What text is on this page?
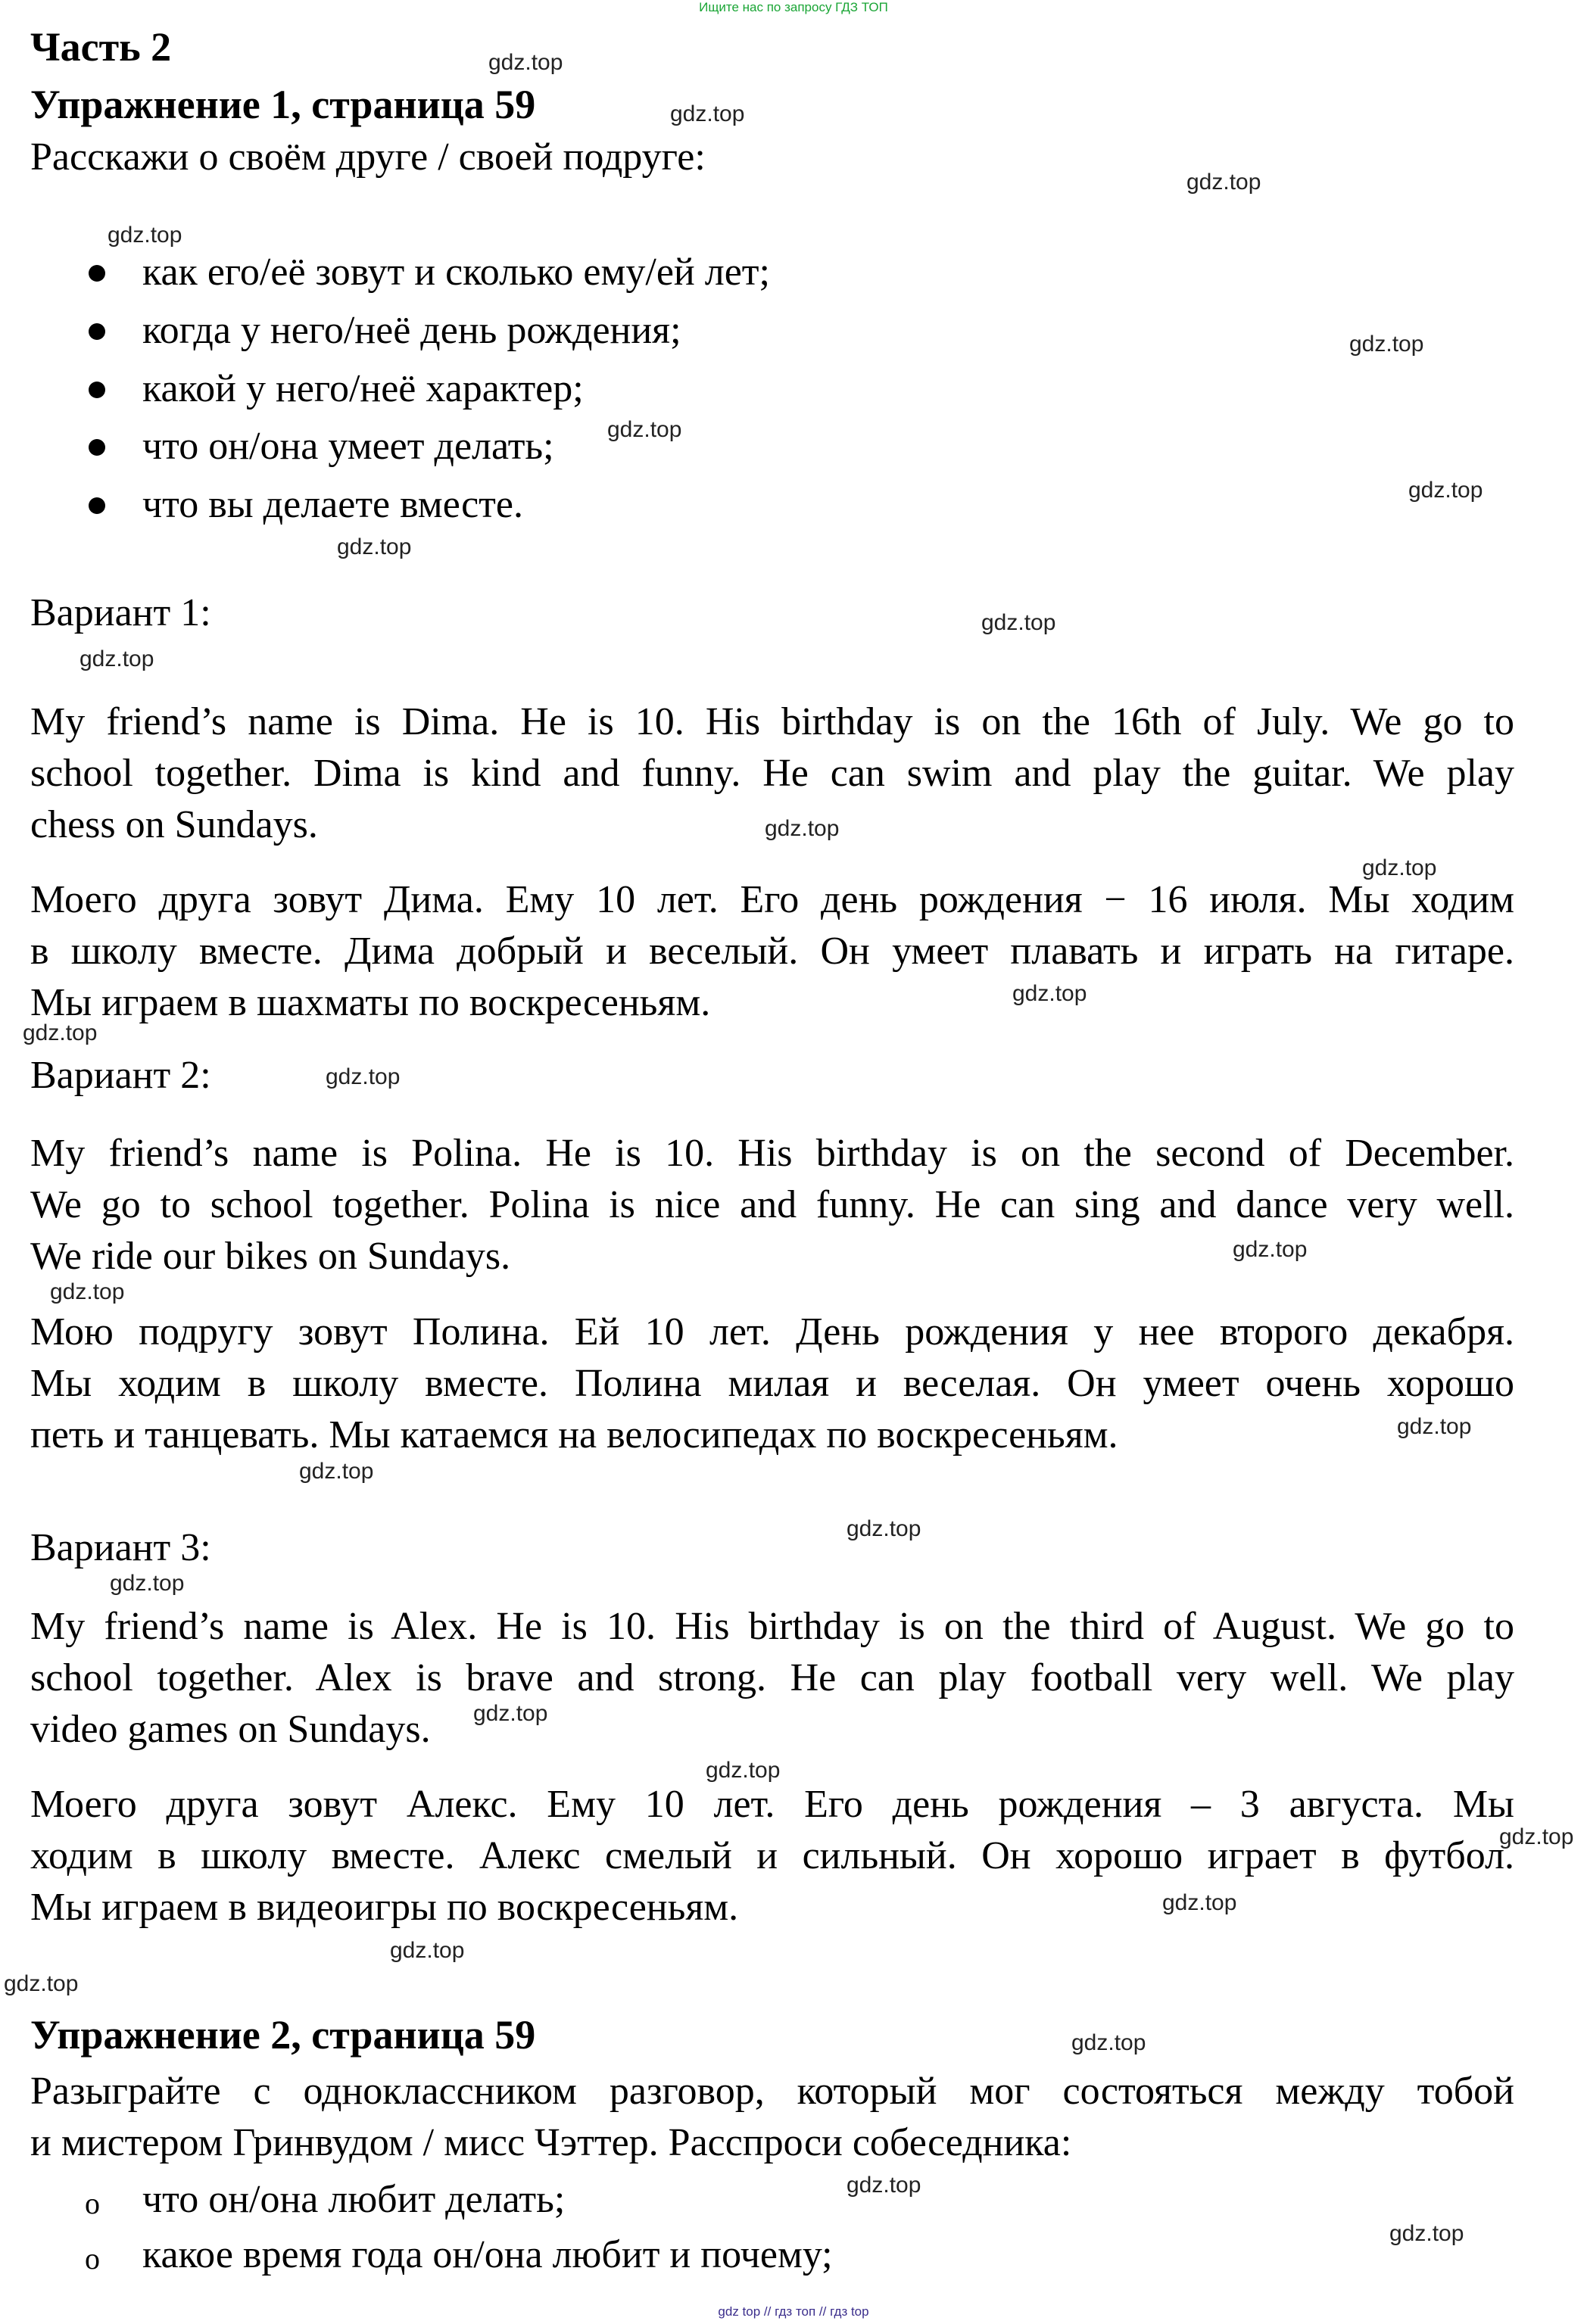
Ищите нас по запросу ГДЗ ТОП
Часть 2
Упражнение 1, страница 59
Расскажи о своём друге / своей подруге:
как его/её зовут и сколько ему/ей лет;
когда у него/неё день рождения;
какой у него/неё характер;
что он/она умеет делать;
что вы делаете вместе.
Вариант 1:
My friend’s name is Dima. He is 10. His birthday is on the 16th of July. We go to
school together. Dima is kind and funny. He can swim and play the guitar. We play
chess on Sundays.
Моего друга зовут Дима. Ему 10 лет. Его день рождения − 16 июля. Мы ходим
в школу вместе. Дима добрый и веселый. Он умеет плавать и играть на гитаре.
Мы играем в шахматы по воскресеньям.
Вариант 2:
My friend’s name is Polina. He is 10. His birthday is on the second of December.
We go to school together. Polina is nice and funny. He can sing and dance very well.
We ride our bikes on Sundays.
Мою подругу зовут Полина. Ей 10 лет. День рождения у нее второго декабря.
Мы ходим в школу вместе. Полина милая и веселая. Он умеет очень хорошо
петь и танцевать. Мы катаемся на велосипедах по воскресеньям.
Вариант 3:
My friend’s name is Alex. He is 10. His birthday is on the third of August. We go to
school together. Alex is brave and strong. He can play football very well. We play
video games on Sundays.
Моего друга зовут Алекс. Ему 10 лет. Его день рождения – 3 августа. Мы
ходим в школу вместе. Алекс смелый и сильный. Он хорошо играет в футбол.
Мы играем в видеоигры по воскресеньям.
Упражнение 2, страница 59
Разыграйте с одноклассником разговор, который мог состояться между тобой
и мистером Гринвудом / мисс Чэттер. Расспроси собеседника:
o что он/она любит делать;
o какое время года он/она любит и почему;
gdz.top
gdz.top
gdz.top
gdz.top
gdz.top
gdz.top
gdz.top
gdz.top
gdz.top
gdz.top
gdz.top
gdz.top
gdz.top
gdz.top
gdz.top
gdz.top
gdz.top
gdz.top
gdz.top
gdz.top
gdz.top
gdz.top
gdz.top
gdz.top
gdz.top
gdz.top
gdz.top
gdz.top
gdz.top
gdz.top
gdz top // гдз топ // гдз top
